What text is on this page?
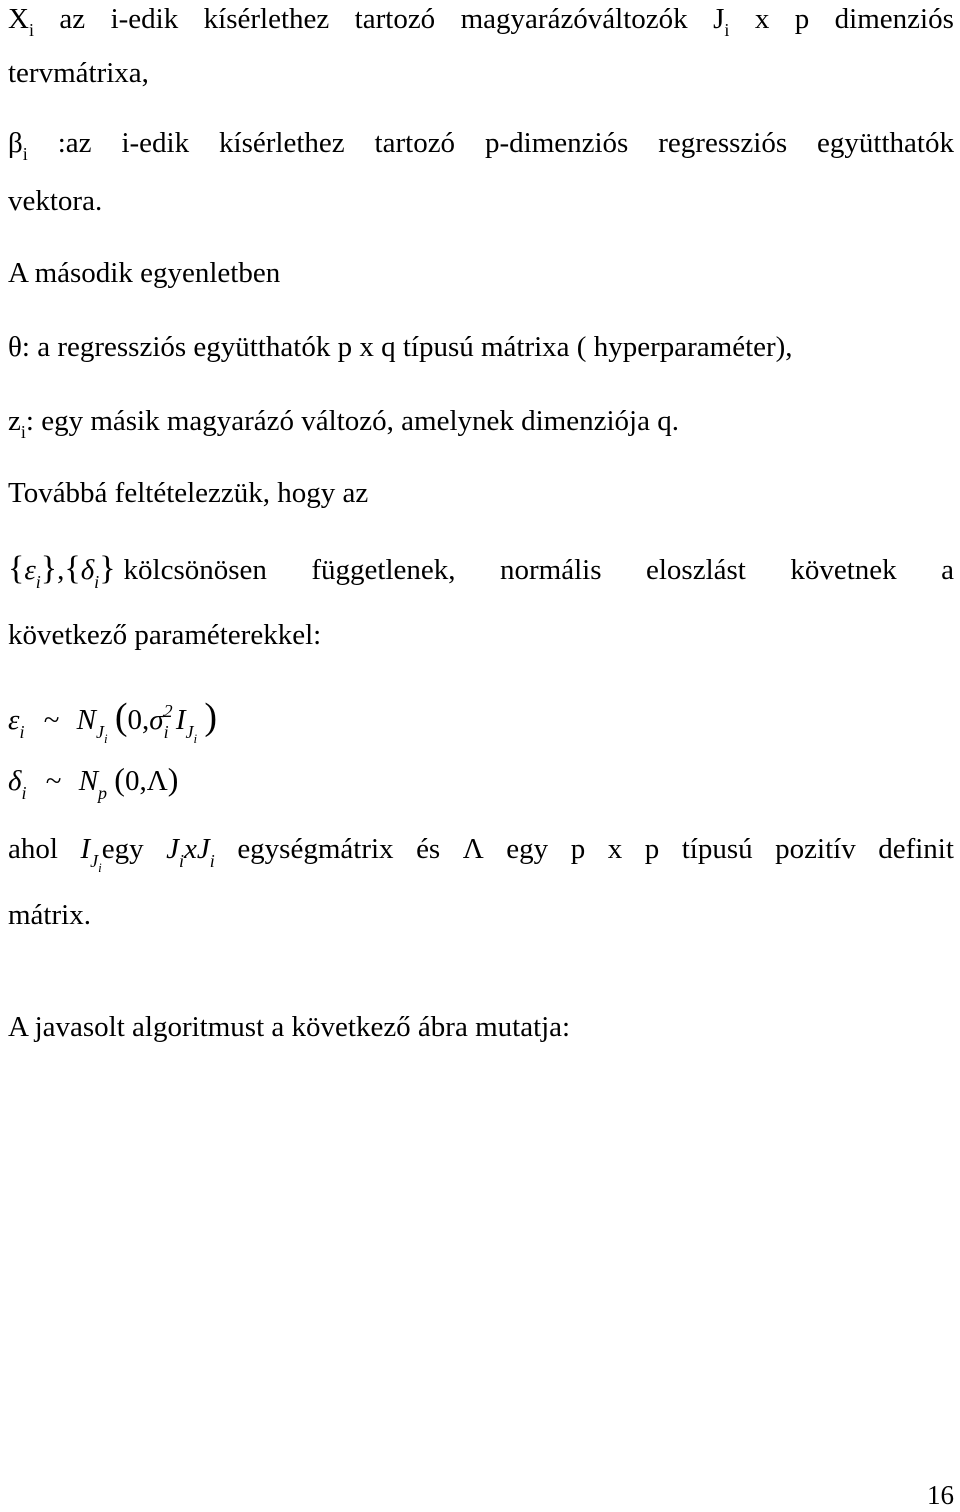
Xi az i-edik kísérlethez tartozó magyarázóváltozók Ji x p dimenziós
tervmátrixa,
βi :az i-edik kísérlethez tartozó p-dimenziós regressziós együtthatók
vektora.
A második egyenletben
θ: a regressziós együtthatók p x q típusú mátrixa ( hyperparaméter),
$z_i$: egy másik magyarázó változó, amelynek dimenziója q.
Továbbá feltételezzük, hogy az
$\{\varepsilon_i\},\{\delta_i\}$ kölcsönösen függetlenek, normális eloszlást követnek a
következő paraméterekkel:
$\varepsilon_i$ ~ $N_{Ji}$ ($0,\sigma^2_i$ $I_{Ji}$ )
$\delta_i$ ~ $N_p$ (0,Λ)
ahol $I_{Ji}egy$ $J_ixJ_i$ egységmátrix és Λ egy p x p típusú pozitív definit
mátrix.
A javasolt algoritmust a következő ábra mutatja:
16
